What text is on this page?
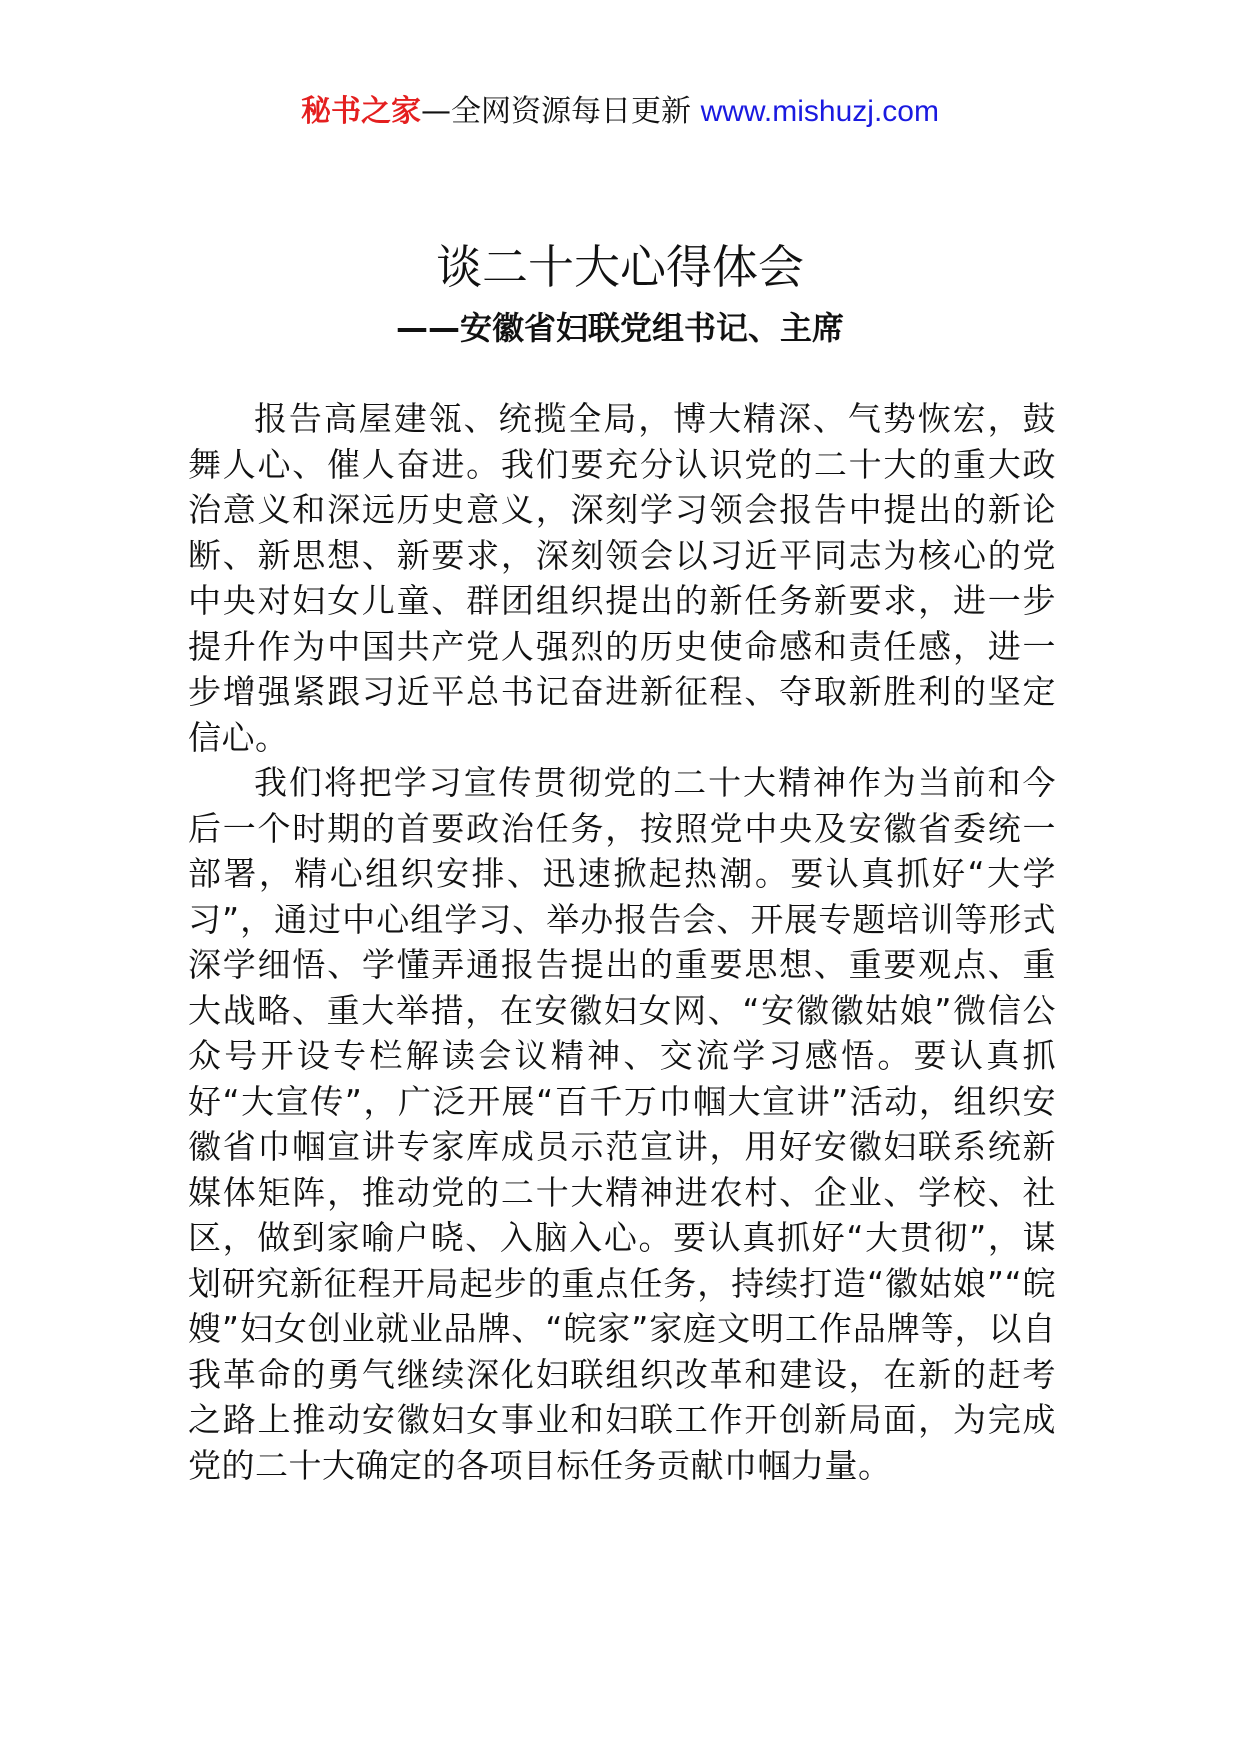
秘书之家—全网资源每日更新 www.mishuzj.com
谈二十大心得体会
——安徽省妇联党组书记、主席

报告高屋建瓴、统揽全局，博大精深、气势恢宏，鼓舞人心、催人奋进。我们要充分认识党的二十大的重大政治意义和深远历史意义，深刻学习领会报告中提出的新论断、新思想、新要求，深刻领会以习近平同志为核心的党中央对妇女儿童、群团组织提出的新任务新要求，进一步提升作为中国共产党人强烈的历史使命感和责任感，进一步增强紧跟习近平总书记奋进新征程、夺取新胜利的坚定信心。

我们将把学习宣传贯彻党的二十大精神作为当前和今后一个时期的首要政治任务，按照党中央及安徽省委统一部署，精心组织安排、迅速掀起热潮。要认真抓好“大学习”，通过中心组学习、举办报告会、开展专题培训等形式深学细悟、学懂弄通报告提出的重要思想、重要观点、重大战略、重大举措，在安徽妇女网、“安徽徽姑娘”微信公众号开设专栏解读会议精神、交流学习感悟。要认真抓好“大宣传”，广泛开展“百千万巾帼大宣讲”活动，组织安徽省巾帼宣讲专家库成员示范宣讲，用好安徽妇联系统新媒体矩阵，推动党的二十大精神进农村、企业、学校、社区，做到家喻户晓、入脑入心。要认真抓好“大贯彻”，谋划研究新征程开局起步的重点任务，持续打造“徽姑娘”“皖嫂”妇女创业就业品牌、“皖家”家庭文明工作品牌等，以自我革命的勇气继续深化妇联组织改革和建设，在新的赶考之路上推动安徽妇女事业和妇联工作开创新局面，为完成党的二十大确定的各项目标任务贡献巾帼力量。
